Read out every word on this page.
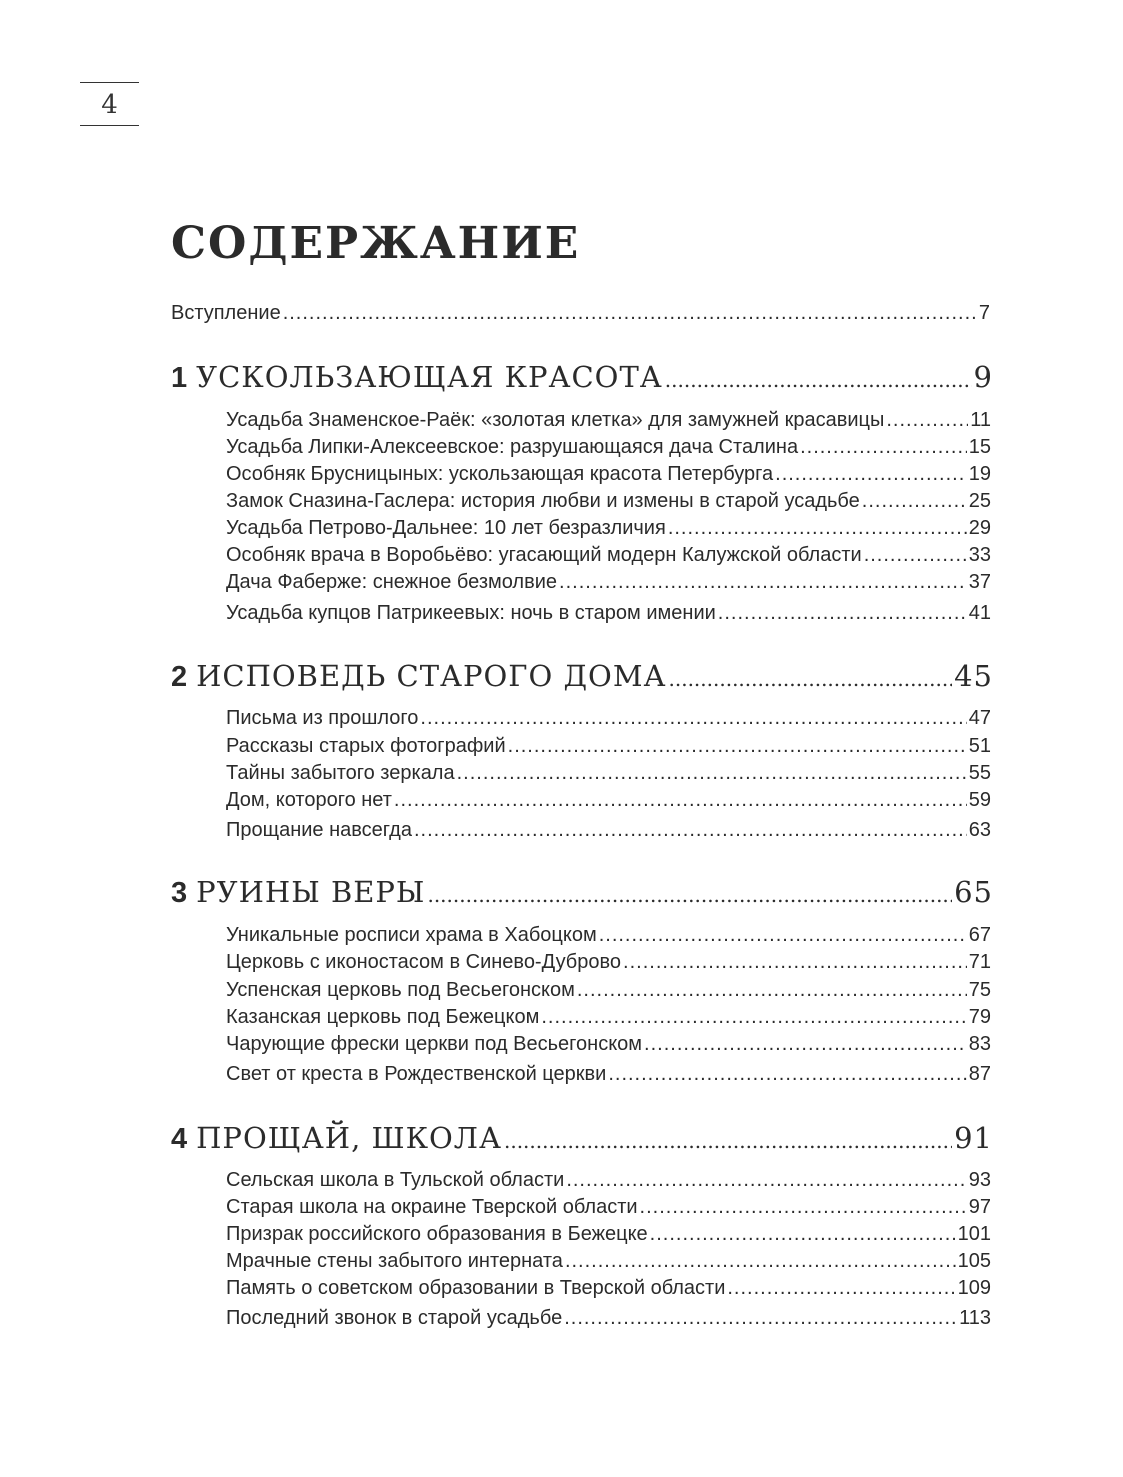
4
СОДЕРЖАНИЕ
Вступление .....	7
1 УСКОЛЬЗАЮЩАЯ КРАСОТА .....	9
Усадьба Знаменское-Раёк: «золотая клетка» для замужней красавицы .....	11
Усадьба Липки-Алексеевское: разрушающаяся дача Сталина .....	15
Особняк Брусницыных: ускользающая красота Петербурга .....	19
Замок Сназина-Гаслера: история любви и измены в старой усадьбе .....	25
Усадьба Петрово-Дальнее: 10 лет безразличия .....	29
Особняк врача в Воробьёво: угасающий модерн Калужской области .....	33
Дача Фаберже: снежное безмолвие .....	37
Усадьба купцов Патрикеевых: ночь в старом имении .....	41
2 ИСПОВЕДЬ СТАРОГО ДОМА .....	45
Письма из прошлого .....	47
Рассказы старых фотографий .....	51
Тайны забытого зеркала .....	55
Дом, которого нет .....	59
Прощание навсегда .....	63
3 РУИНЫ ВЕРЫ .....	65
Уникальные росписи храма в Хабоцком .....	67
Церковь с иконостасом в Синево-Дуброво .....	71
Успенская церковь под Весьегонском .....	75
Казанская церковь под Бежецком .....	79
Чарующие фрески церкви под Весьегонском .....	83
Свет от креста в Рождественской церкви .....	87
4 ПРОЩАЙ, ШКОЛА .....	91
Сельская школа в Тульской области .....	93
Старая школа на окраине Тверской области .....	97
Призрак российского образования в Бежецке .....	101
Мрачные стены забытого интерната .....	105
Память о советском образовании в Тверской области .....	109
Последний звонок в старой усадьбе .....	113
